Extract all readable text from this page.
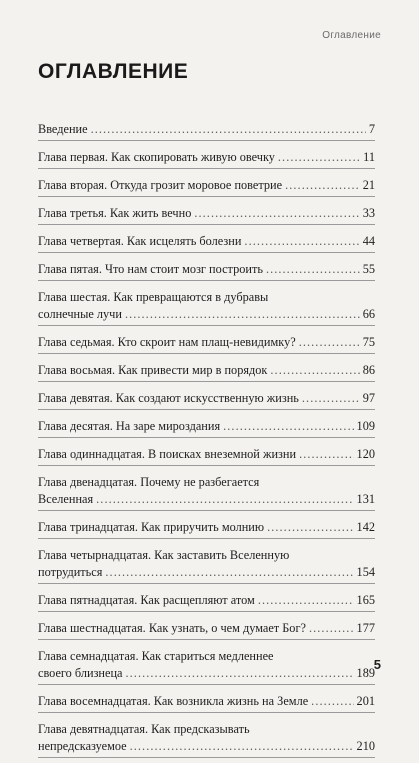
Оглавление
ОГЛАВЛЕНИЕ
Введение . . .	7
Глава первая. Как скопировать живую овечку . . .	11
Глава вторая. Откуда грозит моровое поветрие . . .	21
Глава третья. Как жить вечно . . .	33
Глава четвертая. Как исцелять болезни . . .	44
Глава пятая. Что нам стоит мозг построить . . .	55
Глава шестая. Как превращаются в дубравы
солнечные лучи . . .	66
Глава седьмая. Кто скроит нам плащ-невидимку? . . .	75
Глава восьмая. Как привести мир в порядок . . .	86
Глава девятая. Как создают искусственную жизнь . . .	97
Глава десятая. На заре мироздания . . .	109
Глава одиннадцатая. В поисках внеземной жизни . . .	120
Глава двенадцатая. Почему не разбегается
Вселенная . . .	131
Глава тринадцатая. Как приручить молнию . . .	142
Глава четырнадцатая. Как заставить Вселенную
потрудиться . . .	154
Глава пятнадцатая. Как расщепляют атом . . .	165
Глава шестнадцатая. Как узнать, о чем думает Бог? . . .	177
Глава семнадцатая. Как стариться медленнее
своего близнеца . . .	189
Глава восемнадцатая. Как возникла жизнь на Земле . . .	201
Глава девятнадцатая. Как предсказывать
непредсказуемое . . .	210
5
